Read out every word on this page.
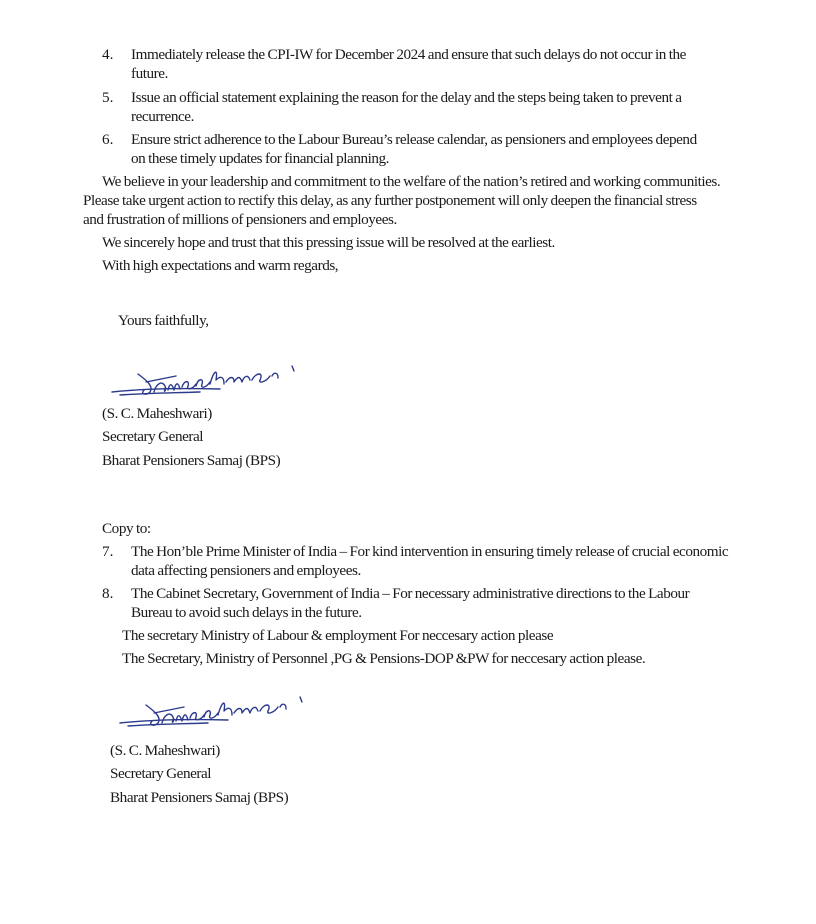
4. Immediately release the CPI-IW for December 2024 and ensure that such delays do not occur in the
future.
5. Issue an official statement explaining the reason for the delay and the steps being taken to prevent a
recurrence.
6. Ensure strict adherence to the Labour Bureau’s release calendar, as pensioners and employees depend
on these timely updates for financial planning.
We believe in your leadership and commitment to the welfare of the nation’s retired and working communities.
Please take urgent action to rectify this delay, as any further postponement will only deepen the financial stress
and frustration of millions of pensioners and employees.
We sincerely hope and trust that this pressing issue will be resolved at the earliest.
With high expectations and warm regards,
Yours faithfully,
(S. C. Maheshwari)
Secretary General
Bharat Pensioners Samaj (BPS)
Copy to:
7. The Hon’ble Prime Minister of India – For kind intervention in ensuring timely release of crucial economic
data affecting pensioners and employees.
8. The Cabinet Secretary, Government of India – For necessary administrative directions to the Labour
Bureau to avoid such delays in the future.
The secretary Ministry of Labour & employment For neccesary action please
The Secretary, Ministry of Personnel ,PG & Pensions-DOP &PW for neccesary action please.
(S. C. Maheshwari)
Secretary General
Bharat Pensioners Samaj (BPS)
